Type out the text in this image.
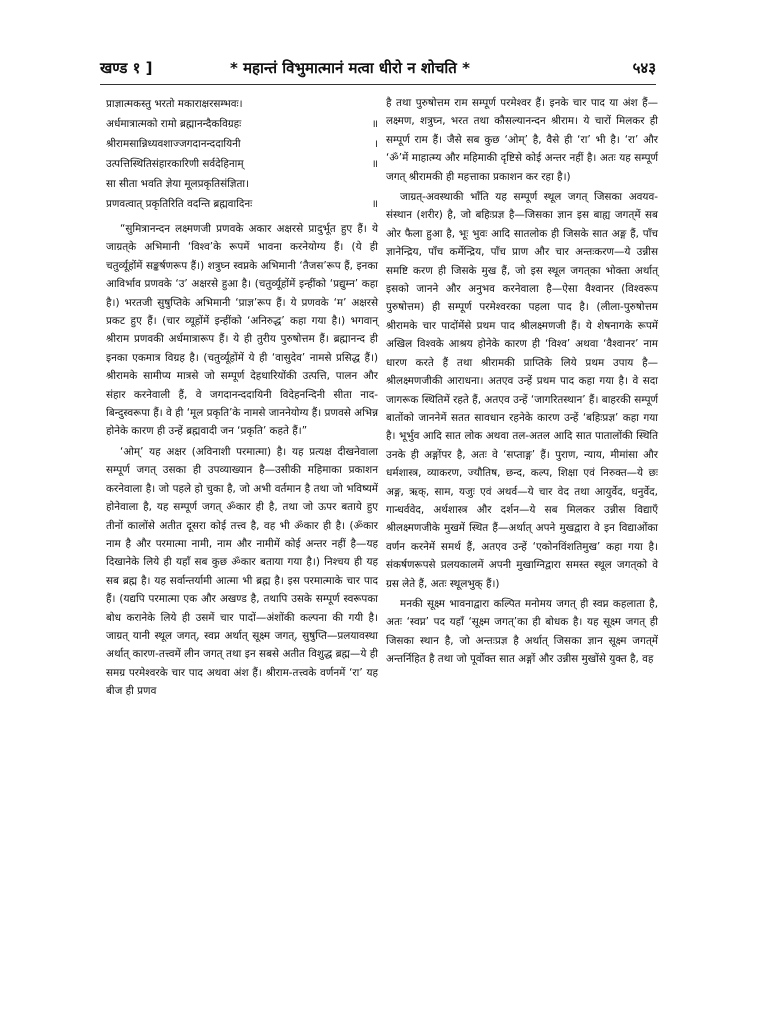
खण्ड १ ]	* महान्तं विभुमात्मानं मत्वा धीरो न शोचति *	५४३
प्राज्ञात्मकस्तु भरतो मकाराक्षरसम्भवः।	
अर्धमात्रात्मको रामो ब्रह्मानन्दैकविग्रहः	॥
श्रीरामसान्निध्यवशाज्जगदानन्ददायिनी	।
उत्पत्तिस्थितिसंहारकारिणी सर्वदेहिनाम्	॥
सा सीता भवति ज्ञेया मूलप्रकृतिसंज्ञिता।	
प्रणवत्वात् प्रकृतिरिति वदन्ति ब्रह्मवादिनः	॥

“सुमित्रानन्दन लक्ष्मणजी प्रणवके अकार अक्षरसे प्रादुर्भूत हुए हैं। ये जाग्रत्‌के अभिमानी ‘विश्व’के रूपमें भावना करनेयोग्य हैं। (ये ही चतुर्व्यूहोंमें सङ्कर्षणरूप हैं।) शत्रुघ्न स्वप्नके अभिमानी ‘तैजस’रूप हैं, इनका आविर्भाव प्रणवके ‘उ’ अक्षरसे हुआ है। (चतुर्व्यूहोंमें इन्हींको ‘प्रद्युम्न’ कहा है।) भरतजी सुषुप्तिके अभिमानी ‘प्राज्ञ’रूप हैं। ये प्रणवके ‘म’ अक्षरसे प्रकट हुए हैं। (चार व्यूहोंमें इन्हींको ‘अनिरुद्ध’ कहा गया है।) भगवान् श्रीराम प्रणवकी अर्धमात्रारूप हैं। ये ही तुरीय पुरुषोत्तम हैं। ब्रह्मानन्द ही इनका एकमात्र विग्रह है। (चतुर्व्यूहोंमें ये ही ‘वासुदेव’ नामसे प्रसिद्ध हैं।) श्रीरामके सामीप्य मात्रसे जो सम्पूर्ण देहधारियोंकी उत्पत्ति, पालन और संहार करनेवाली हैं, वे जगदानन्ददायिनी विदेहनन्दिनी सीता नाद-बिन्दुस्वरूपा हैं। वे ही ‘मूल प्रकृति’के नामसे जाननेयोग्य हैं। प्रणवसे अभिन्न होनेके कारण ही उन्हें ब्रह्मवादी जन ‘प्रकृति’ कहते हैं।”

‘ओम्’ यह अक्षर (अविनाशी परमात्मा) है। यह प्रत्यक्ष दीखनेवाला सम्पूर्ण जगत् उसका ही उपव्याख्यान है—उसीकी महिमाका प्रकाशन करनेवाला है। जो पहले हो चुका है, जो अभी वर्तमान है तथा जो भविष्यमें होनेवाला है, यह सम्पूर्ण जगत् ॐकार ही है, तथा जो ऊपर बताये हुए तीनों कालोंसे अतीत दूसरा कोई तत्त्व है, वह भी ॐकार ही है। (ॐकार नाम है और परमात्मा नामी, नाम और नामीमें कोई अन्तर नहीं है—यह दिखानेके लिये ही यहाँ सब कुछ ॐकार बताया गया है।) निश्चय ही यह सब ब्रह्म है। यह सर्वान्तर्यामी आत्मा भी ब्रह्म है। इस परमात्माके चार पाद हैं। (यद्यपि परमात्मा एक और अखण्ड है, तथापि उसके सम्पूर्ण स्वरूपका बोध करानेके लिये ही उसमें चार पादों—अंशोंकी कल्पना की गयी है। जाग्रत् यानी स्थूल जगत्, स्वप्न अर्थात् सूक्ष्म जगत्, सुषुप्ति—प्रलयावस्था अर्थात् कारण-तत्त्वमें लीन जगत् तथा इन सबसे अतीत विशुद्ध ब्रह्म—ये ही समग्र परमेश्वरके चार पाद अथवा अंश हैं। श्रीराम-तत्त्वके वर्णनमें ‘रा’ यह बीज ही प्रणव

है तथा पुरुषोत्तम राम सम्पूर्ण परमेश्वर हैं। इनके चार पाद या अंश हैं—लक्ष्मण, शत्रुघ्न, भरत तथा कौसल्यानन्दन श्रीराम। ये चारों मिलकर ही सम्पूर्ण राम हैं। जैसे सब कुछ ‘ओम्’ है, वैसे ही ‘रा’ भी है। ‘रा’ और ‘ॐ’में माहात्म्य और महिमाकी दृष्टिसे कोई अन्तर नहीं है। अतः यह सम्पूर्ण जगत् श्रीरामकी ही महत्ताका प्रकाशन कर रहा है।)

जाग्रत्-अवस्थाकी भाँति यह सम्पूर्ण स्थूल जगत् जिसका अवयव-संस्थान (शरीर) है, जो बहिःप्रज्ञ है—जिसका ज्ञान इस बाह्य जगत्‌में सब ओर फैला हुआ है, भूः भुवः आदि सातलोक ही जिसके सात अङ्ग हैं, पाँच ज्ञानेन्द्रिय, पाँच कर्मेन्द्रिय, पाँच प्राण और चार अन्तःकरण—ये उन्नीस समष्टि करण ही जिसके मुख हैं, जो इस स्थूल जगत्‌का भोक्ता अर्थात् इसको जानने और अनुभव करनेवाला है—ऐसा वैश्वानर (विश्वरूप पुरुषोत्तम) ही सम्पूर्ण परमेश्वरका पहला पाद है। (लीला-पुरुषोत्तम श्रीरामके चार पादोंमेंसे प्रथम पाद श्रीलक्ष्मणजी हैं। ये शेषनागके रूपमें अखिल विश्वके आश्रय होनेके कारण ही ‘विश्व’ अथवा ‘वैश्वानर’ नाम धारण करते हैं तथा श्रीरामकी प्राप्तिके लिये प्रथम उपाय है—श्रीलक्ष्मणजीकी आराधना। अतएव उन्हें प्रथम पाद कहा गया है। वे सदा जागरूक स्थितिमें रहते हैं, अतएव उन्हें ‘जागरितस्थान’ हैं। बाहरकी सम्पूर्ण बातोंको जाननेमें सतत सावधान रहनेके कारण उन्हें ‘बहिःप्रज्ञ’ कहा गया है। भूर्भुव आदि सात लोक अथवा तल-अतल आदि सात पातालोंकी स्थिति उनके ही अङ्गोंपर है, अतः वे ‘सप्ताङ्ग’ हैं। पुराण, न्याय, मीमांसा और धर्मशास्त्र, व्याकरण, ज्यौतिष, छन्द, कल्प, शिक्षा एवं निरुक्त—ये छः अङ्ग, ऋक्, साम, यजुः एवं अथर्व—ये चार वेद तथा आयुर्वेद, धनुर्वेद, गान्धर्ववेद, अर्थशास्त्र और दर्शन—ये सब मिलकर उन्नीस विद्याएँ श्रीलक्ष्मणजीके मुखमें स्थित हैं—अर्थात् अपने मुखद्वारा वे इन विद्याओंका वर्णन करनेमें समर्थ हैं, अतएव उन्हें ‘एकोनविंशतिमुख’ कहा गया है। संकर्षणरूपसे प्रलयकालमें अपनी मुखाग्निद्वारा समस्त स्थूल जगत्‌को वे ग्रस लेते हैं, अतः स्थूलभुक् हैं।)

मनकी सूक्ष्म भावनाद्वारा कल्पित मनोमय जगत् ही स्वप्न कहलाता है, अतः ‘स्वप्न’ पद यहाँ ‘सूक्ष्म जगत्’का ही बोधक है। यह सूक्ष्म जगत् ही जिसका स्थान है, जो अन्तःप्रज्ञ है अर्थात् जिसका ज्ञान सूक्ष्म जगत्‌में अन्तर्निहित है तथा जो पूर्वोक्त सात अङ्गों और उन्नीस मुखोंसे युक्त है, वह
